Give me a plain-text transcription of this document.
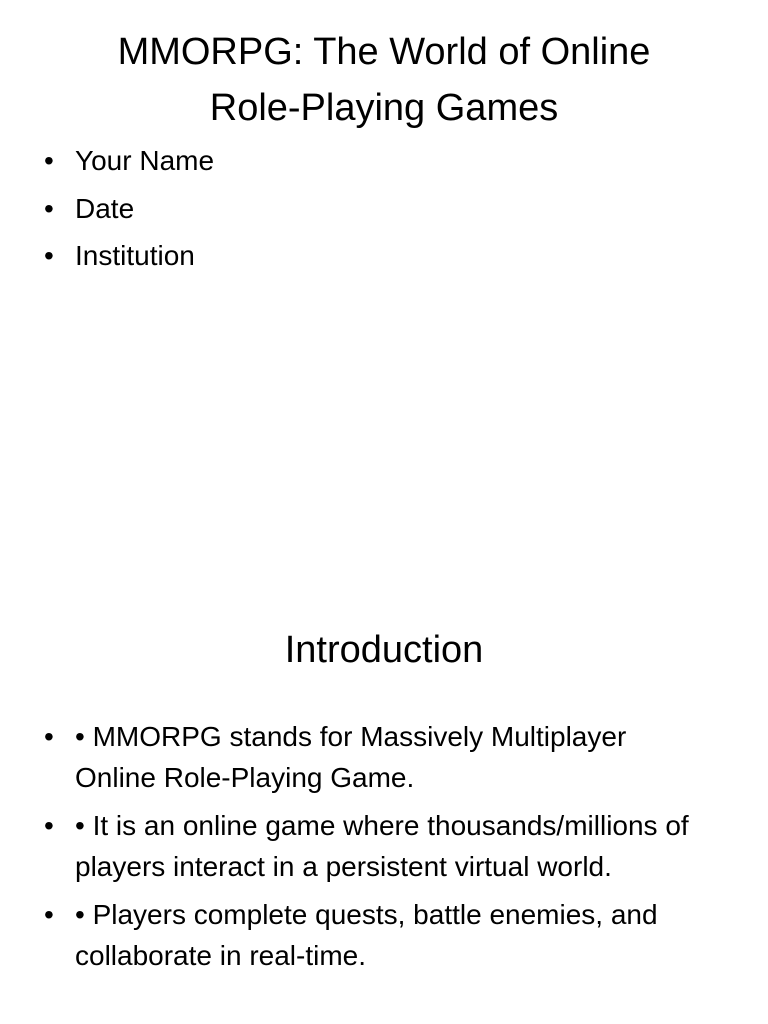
MMORPG: The World of Online
Role-Playing Games
• Your Name
• Date
• Institution
Introduction
• • MMORPG stands for Massively Multiplayer Online Role-Playing Game.
• • It is an online game where thousands/millions of players interact in a persistent virtual world.
• • Players complete quests, battle enemies, and collaborate in real-time.
